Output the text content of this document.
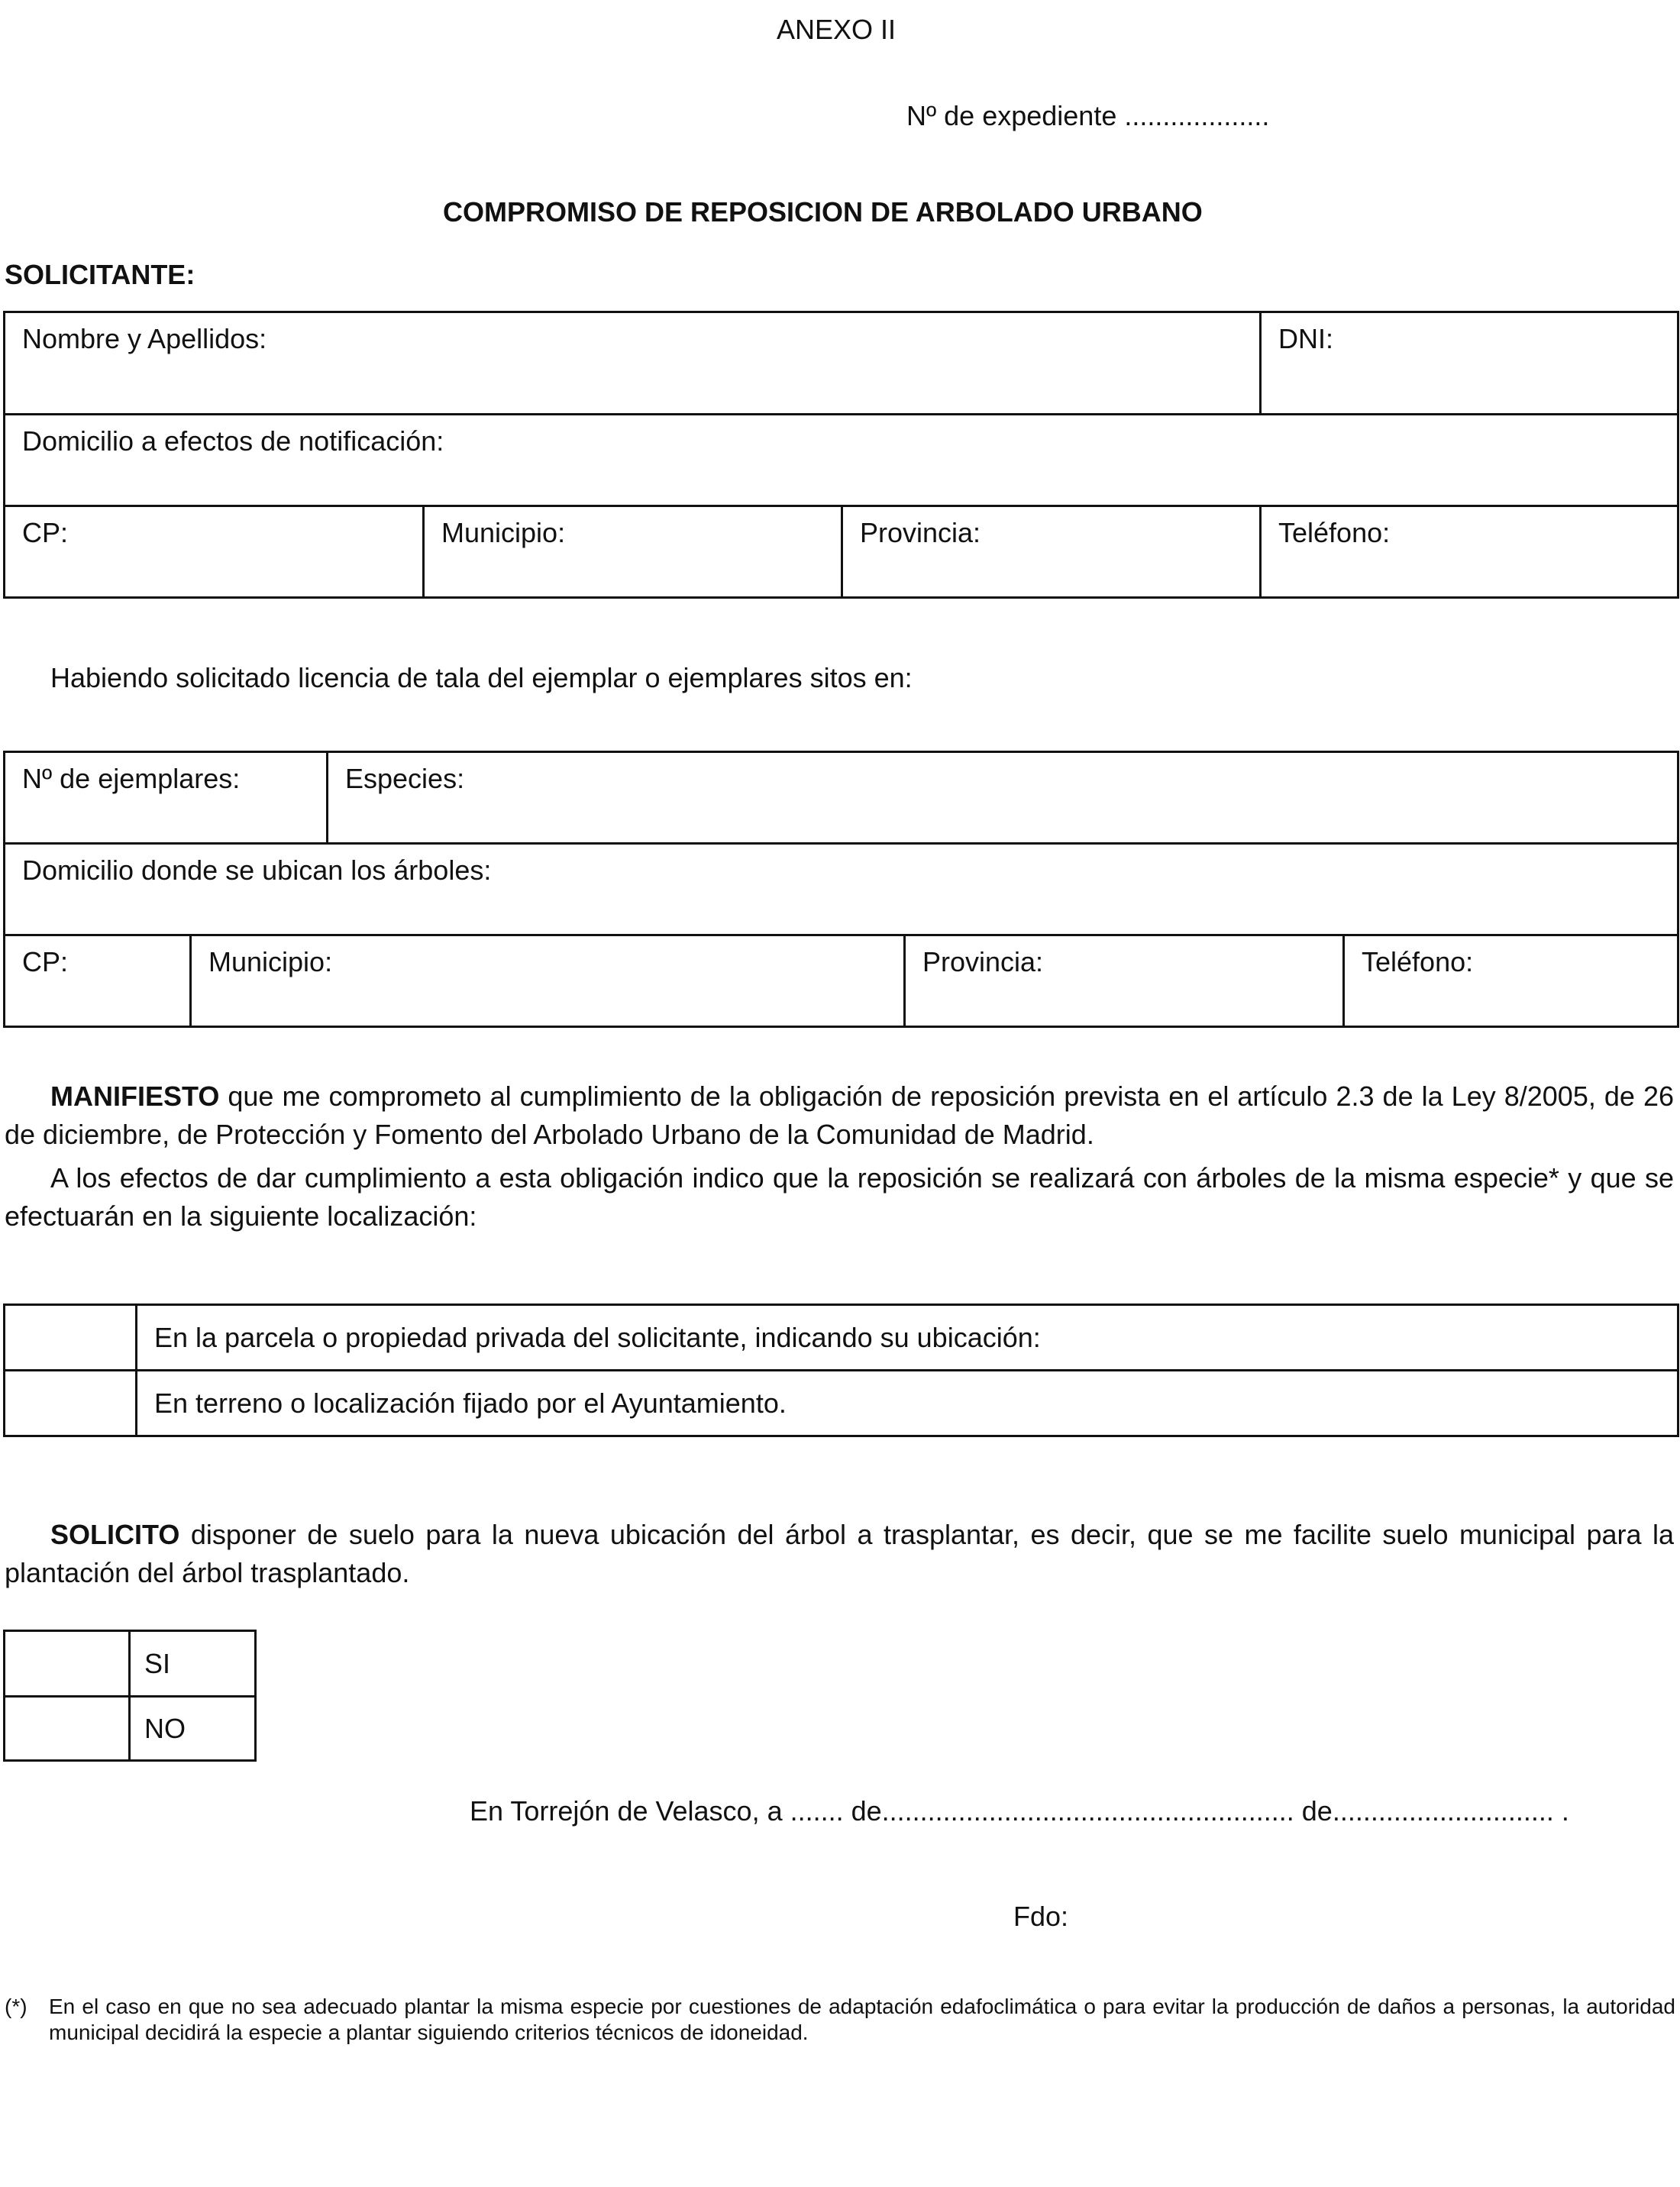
ANEXO II
Nº de expediente ...................
COMPROMISO DE REPOSICION DE ARBOLADO URBANO
SOLICITANTE:
Nombre y Apellidos:			DNI:
Domicilio a efectos de notificación:			
CP:	Municipio:	Provincia:	Teléfono:
Habiendo solicitado licencia de tala del ejemplar o ejemplares sitos en:
Nº de ejemplares:		Especies:		
Domicilio donde se ubican los árboles:				
CP:	Municipio:		Provincia:	Teléfono:
MANIFIESTO que me comprometo al cumplimiento de la obligación de reposición prevista en el artículo 2.3 de la Ley 8/2005, de 26 de diciembre, de Protección y Fomento del Arbolado Urbano de la Comunidad de Madrid.
A los efectos de dar cumplimiento a esta obligación indico que la reposición se realizará con árboles de la misma especie* y que se efectuarán en la siguiente localización:
	En la parcela o propiedad privada del solicitante, indicando su ubicación:
	En terreno o localización fijado por el Ayuntamiento.
SOLICITO disponer de suelo para la nueva ubicación del árbol a trasplantar, es decir, que se me facilite suelo municipal para la plantación del árbol trasplantado.
	SI
	NO
En Torrejón de Velasco, a ....... de...................................................... de............................. .
Fdo:
(*) En el caso en que no sea adecuado plantar la misma especie por cuestiones de adaptación edafoclimática o para evitar la producción de daños a personas, la autoridad municipal decidirá la especie a plantar siguiendo criterios técnicos de idoneidad.
